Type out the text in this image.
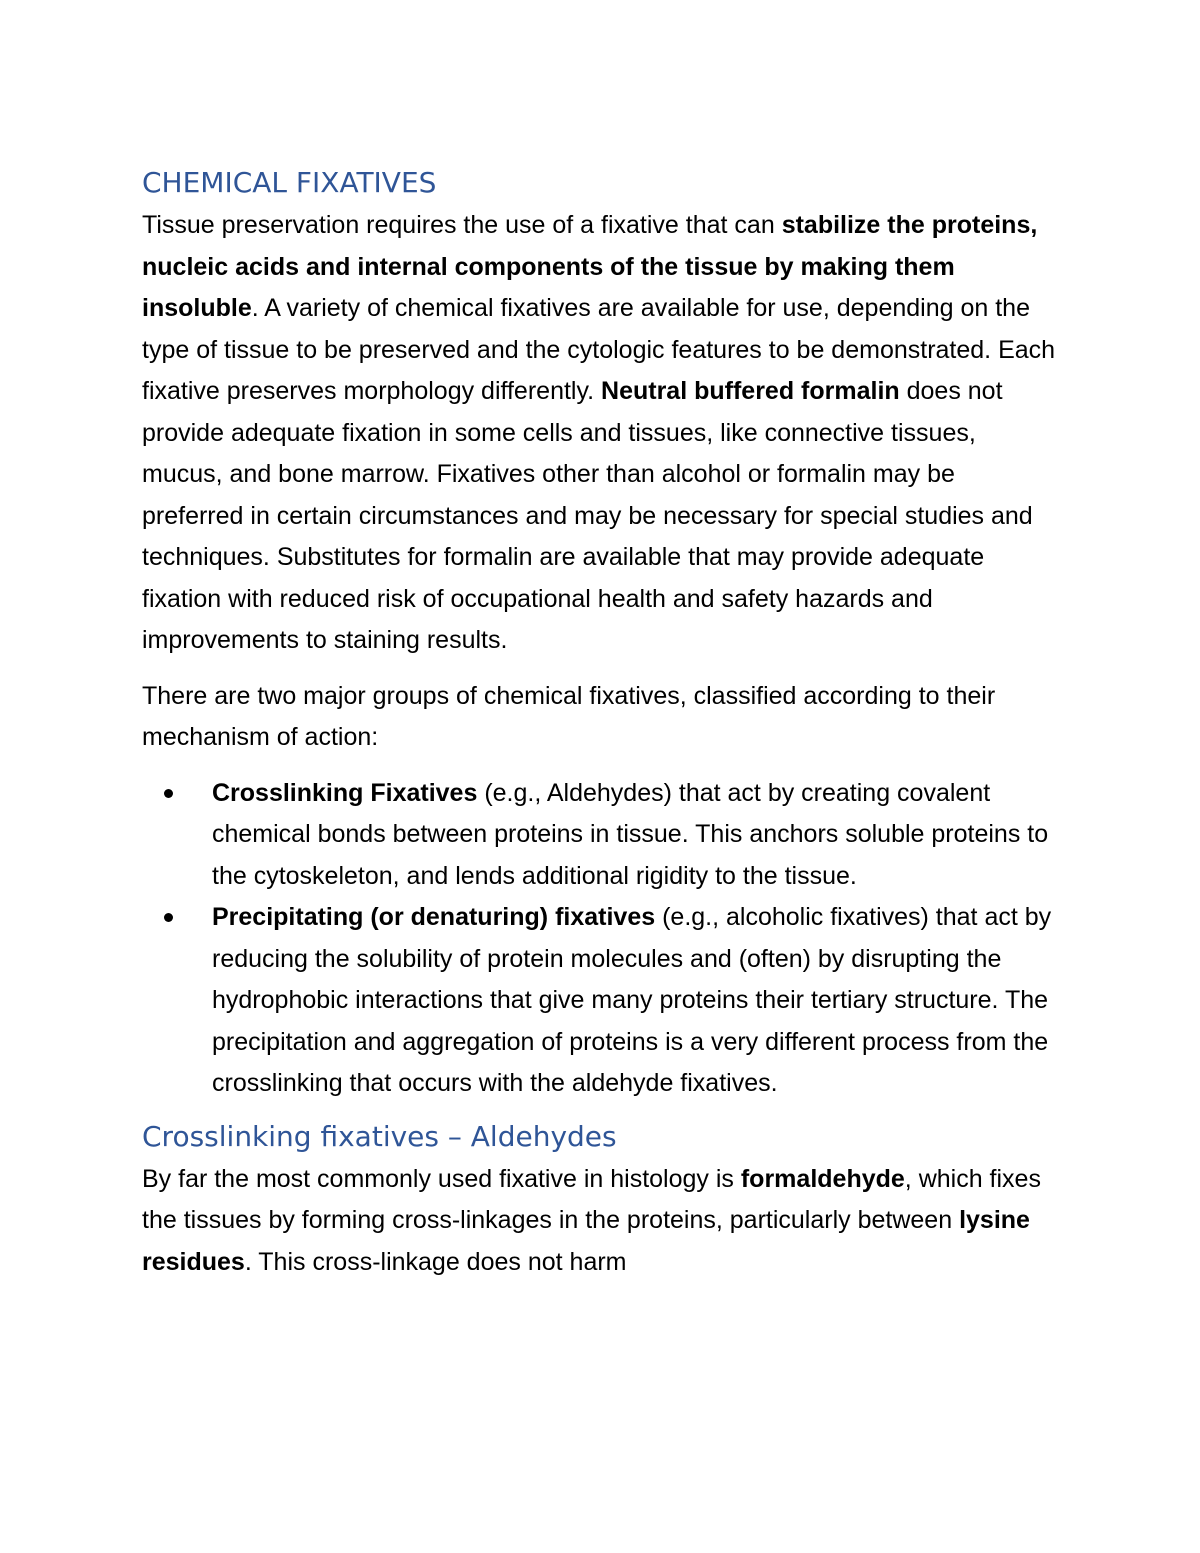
CHEMICAL FIXATIVES

Tissue preservation requires the use of a fixative that can stabilize the proteins, nucleic acids and internal components of the tissue by making them insoluble. A variety of chemical fixatives are available for use, depending on the type of tissue to be preserved and the cytologic features to be demonstrated. Each fixative preserves morphology differently. Neutral buffered formalin does not provide adequate fixation in some cells and tissues, like connective tissues, mucus, and bone marrow. Fixatives other than alcohol or formalin may be preferred in certain circumstances and may be necessary for special studies and techniques. Substitutes for formalin are available that may provide adequate fixation with reduced risk of occupational health and safety hazards and improvements to staining results.

There are two major groups of chemical fixatives, classified according to their mechanism of action:

Crosslinking Fixatives (e.g., Aldehydes) that act by creating covalent chemical bonds between proteins in tissue. This anchors soluble proteins to the cytoskeleton, and lends additional rigidity to the tissue.
Precipitating (or denaturing) fixatives (e.g., alcoholic fixatives) that act by reducing the solubility of protein molecules and (often) by disrupting the hydrophobic interactions that give many proteins their tertiary structure. The precipitation and aggregation of proteins is a very different process from the crosslinking that occurs with the aldehyde fixatives.
Crosslinking fixatives – Aldehydes

By far the most commonly used fixative in histology is formaldehyde, which fixes the tissues by forming cross-linkages in the proteins, particularly between lysine residues. This cross-linkage does not harm
